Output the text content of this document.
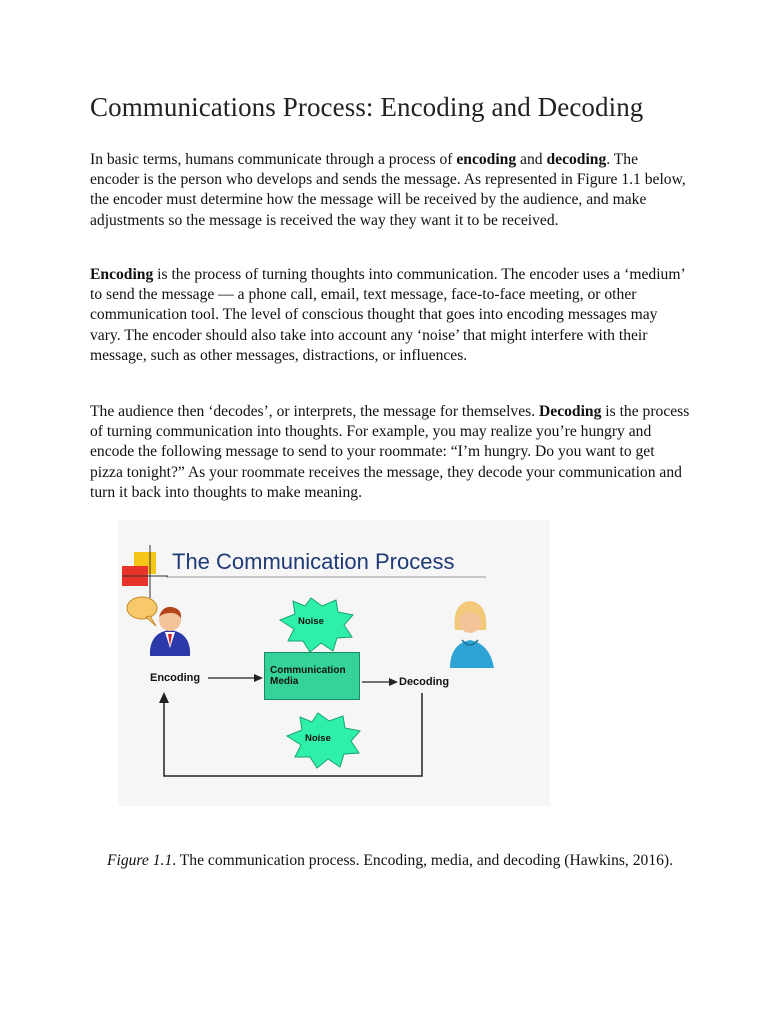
Communications Process: Encoding and Decoding

In basic terms, humans communicate through a process of encoding and decoding. The encoder is the person who develops and sends the message. As represented in Figure 1.1 below, the encoder must determine how the message will be received by the audience, and make adjustments so the message is received the way they want it to be received.

Encoding is the process of turning thoughts into communication. The encoder uses a ‘medium’ to send the message — a phone call, email, text message, face-to-face meeting, or other communication tool. The level of conscious thought that goes into encoding messages may vary. The encoder should also take into account any ‘noise’ that might interfere with their message, such as other messages, distractions, or influences.

The audience then ‘decodes’, or interprets, the message for themselves. Decoding is the process of turning communication into thoughts. For example, you may realize you’re hungry and encode the following message to send to your roommate: “I’m hungry. Do you want to get pizza tonight?” As your roommate receives the message, they decode your communication and turn it back into thoughts to make meaning.

The Communication Process

Encoding	Decoding

Communication
Media

Noise
Noise

Figure 1.1. The communication process. Encoding, media, and decoding (Hawkins, 2016).
